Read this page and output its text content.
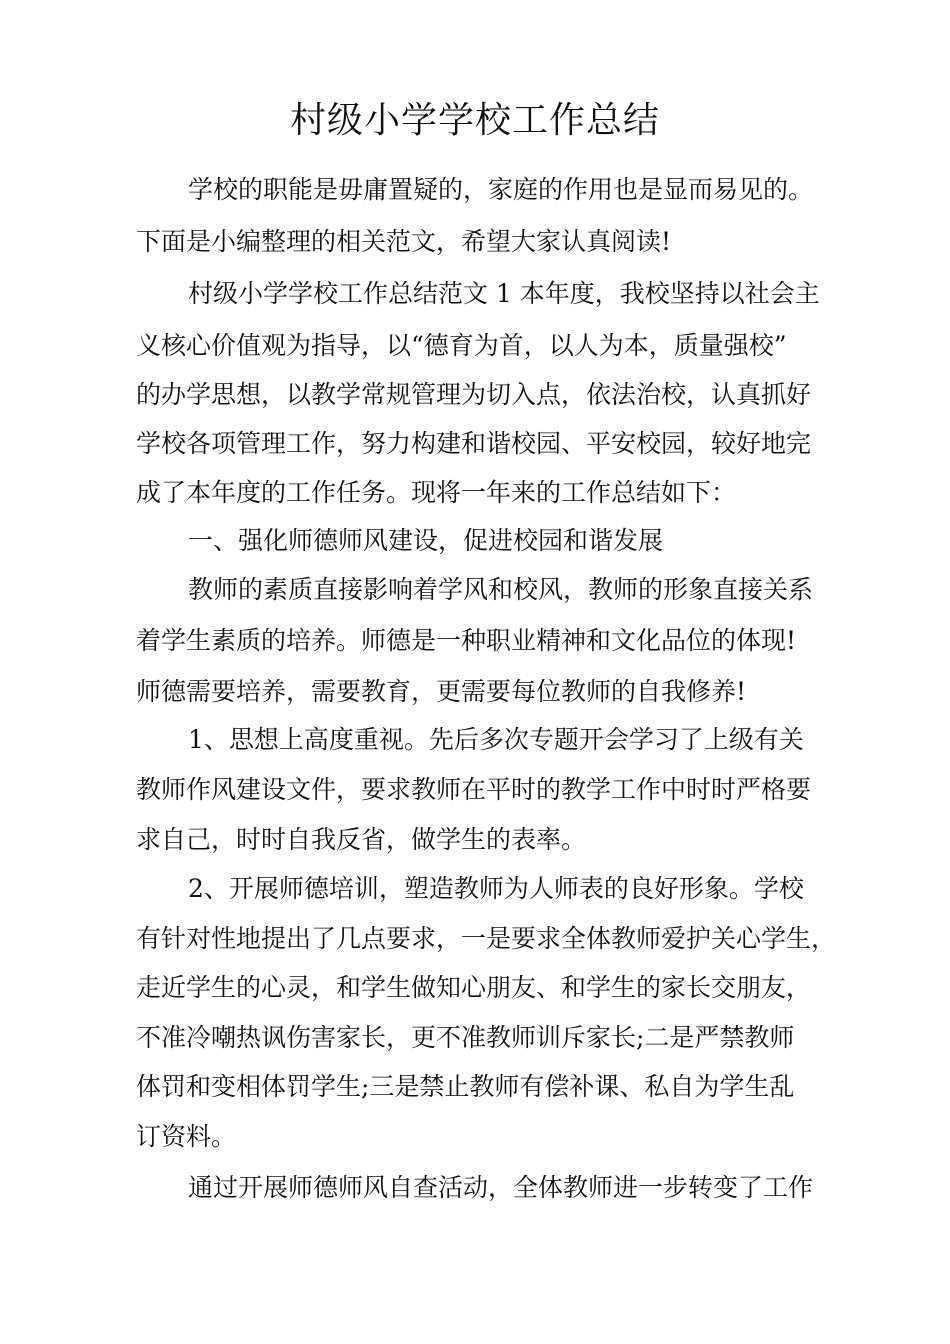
村级小学学校工作总结

学校的职能是毋庸置疑的，家庭的作用也是显而易见的。

下面是小编整理的相关范文，希望大家认真阅读!

村级小学学校工作总结范文 1 本年度，我校坚持以社会主

义核心价值观为指导，以“德育为首，以人为本，质量强校”

的办学思想，以教学常规管理为切入点，依法治校，认真抓好

学校各项管理工作，努力构建和谐校园、平安校园，较好地完

成了本年度的工作任务。现将一年来的工作总结如下：

一、强化师德师风建设，促进校园和谐发展

教师的素质直接影响着学风和校风，教师的形象直接关系

着学生素质的培养。师德是一种职业精神和文化品位的体现!

师德需要培养，需要教育，更需要每位教师的自我修养!

1、思想上高度重视。先后多次专题开会学习了上级有关

教师作风建设文件，要求教师在平时的教学工作中时时严格要

求自己，时时自我反省，做学生的表率。

2、开展师德培训，塑造教师为人师表的良好形象。学校

有针对性地提出了几点要求，一是要求全体教师爱护关心学生，

走近学生的心灵，和学生做知心朋友、和学生的家长交朋友，

不准冷嘲热讽伤害家长，更不准教师训斥家长;二是严禁教师

体罚和变相体罚学生;三是禁止教师有偿补课、私自为学生乱

订资料。

通过开展师德师风自查活动，全体教师进一步转变了工作
